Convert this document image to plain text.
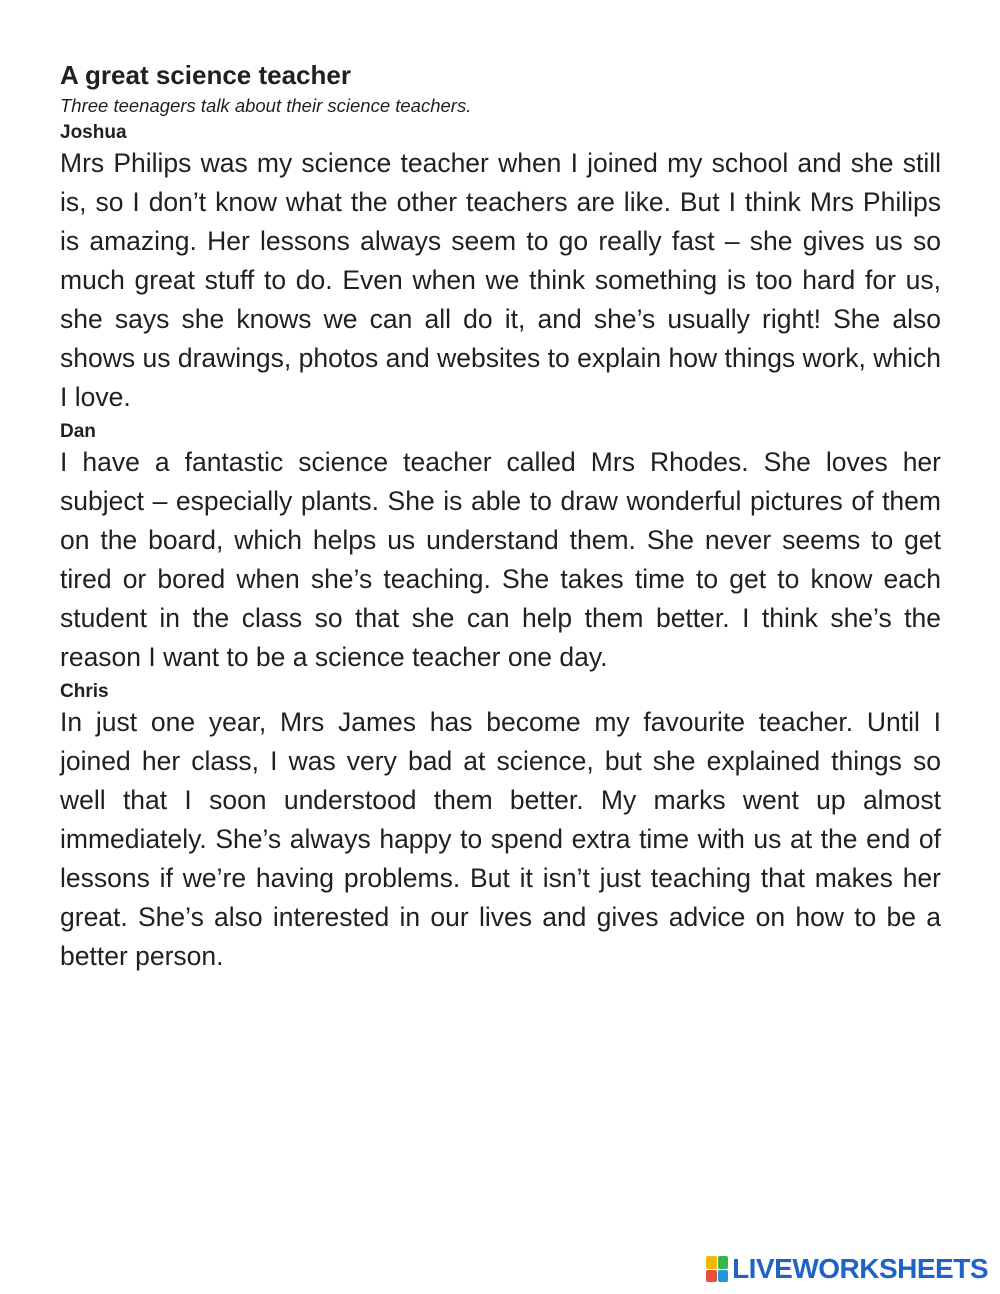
A great science teacher

Three teenagers talk about their science teachers.

Joshua

Mrs Philips was my science teacher when I joined my school and she still is, so I don’t know what the other teachers are like. But I think Mrs Philips is amazing. Her lessons always seem to go really fast – she gives us so much great stuff to do. Even when we think something is too hard for us, she says she knows we can all do it, and she’s usually right! She also shows us drawings, photos and websites to explain how things work, which I love.

Dan

I have a fantastic science teacher called Mrs Rhodes. She loves her subject – especially plants. She is able to draw wonderful pictures of them on the board, which helps us understand them. She never seems to get tired or bored when she’s teaching. She takes time to get to know each student in the class so that she can help them better. I think she’s the reason I want to be a science teacher one day.

Chris

In just one year, Mrs James has become my favourite teacher. Until I joined her class, I was very bad at science, but she explained things so well that I soon understood them better. My marks went up almost immediately. She’s always happy to spend extra time with us at the end of lessons if we’re having problems. But it isn’t just teaching that makes her great. She’s also interested in our lives and gives advice on how to be a better person.

LIVEWORKSHEETS
